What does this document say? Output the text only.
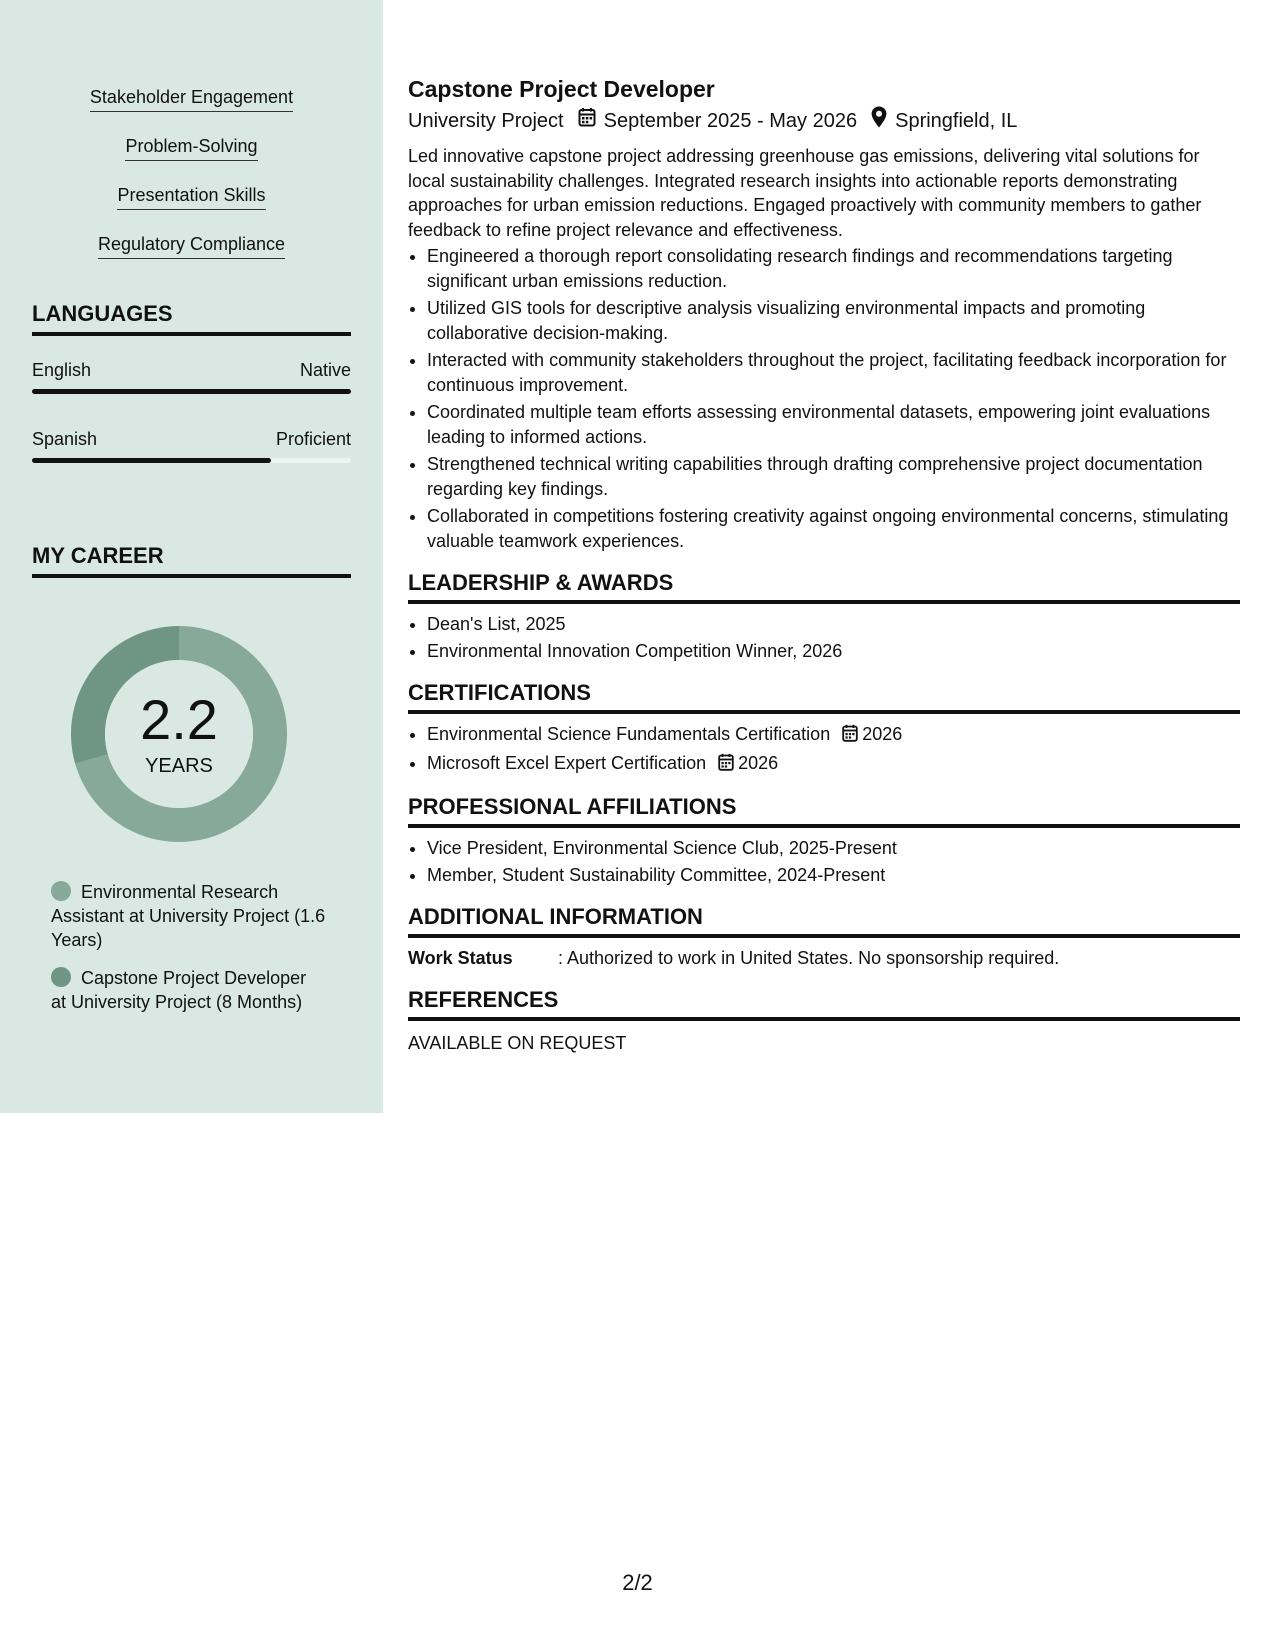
Stakeholder Engagement
Problem-Solving
Presentation Skills
Regulatory Compliance
LANGUAGES
English	Native
Spanish	Proficient
MY CAREER
2.2
YEARS
Environmental Research Assistant at University Project (1.6 Years)
Capstone Project Developer at University Project (8 Months)
Capstone Project Developer
University Project September 2025 - May 2026 Springfield, IL
Led innovative capstone project addressing greenhouse gas emissions, delivering vital solutions for local sustainability challenges. Integrated research insights into actionable reports demonstrating approaches for urban emission reductions. Engaged proactively with community members to gather feedback to refine project relevance and effectiveness.
• Engineered a thorough report consolidating research findings and recommendations targeting significant urban emissions reduction.
• Utilized GIS tools for descriptive analysis visualizing environmental impacts and promoting collaborative decision-making.
• Interacted with community stakeholders throughout the project, facilitating feedback incorporation for continuous improvement.
• Coordinated multiple team efforts assessing environmental datasets, empowering joint evaluations leading to informed actions.
• Strengthened technical writing capabilities through drafting comprehensive project documentation regarding key findings.
• Collaborated in competitions fostering creativity against ongoing environmental concerns, stimulating valuable teamwork experiences.
LEADERSHIP & AWARDS
• Dean's List, 2025
• Environmental Innovation Competition Winner, 2026
CERTIFICATIONS
• Environmental Science Fundamentals Certification 2026
• Microsoft Excel Expert Certification 2026
PROFESSIONAL AFFILIATIONS
• Vice President, Environmental Science Club, 2025-Present
• Member, Student Sustainability Committee, 2024-Present
ADDITIONAL INFORMATION
Work Status	: Authorized to work in United States. No sponsorship required.
REFERENCES
AVAILABLE ON REQUEST
2/2
